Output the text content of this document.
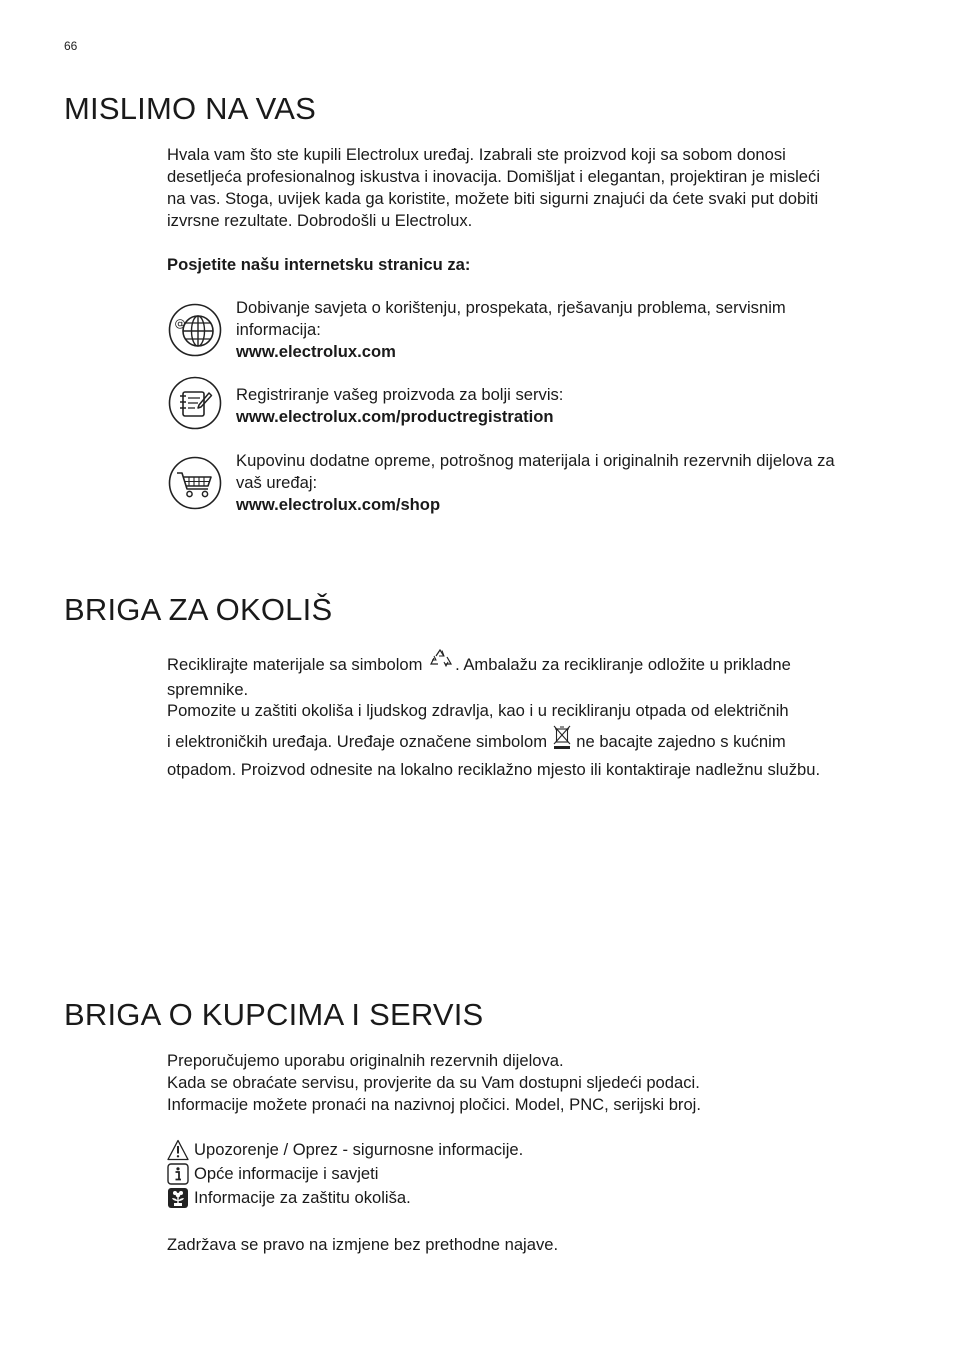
66
MISLIMO NA VAS

Hvala vam što ste kupili Electrolux uređaj. Izabrali ste proizvod koji sa sobom donosi

desetljeća profesionalnog iskustva i inovacija. Domišljat i elegantan, projektiran je misleći

na vas. Stoga, uvijek kada ga koristite, možete biti sigurni znajući da ćete svaki put dobiti

izvrsne rezultate. Dobrodošli u Electrolux.

Posjetite našu internetsku stranicu za:
@

Dobivanje savjeta o korištenju, prospekata, rješavanju problema, servisnim

informacija:

www.electrolux.com

Registriranje vašeg proizvoda za bolji servis:

www.electrolux.com/productregistration

Kupovinu dodatne opreme, potrošnog materijala i originalnih rezervnih dijelova za

vaš uređaj:

www.electrolux.com/shop

BRIGA ZA OKOLIŠ

Reciklirajte materijale sa simbolom . Ambalažu za recikliranje odložite u prikladne

spremnike.

Pomozite u zaštiti okoliša i ljudskog zdravlja, kao i u recikliranju otpada od električnih

i elektroničkih uređaja. Uređaje označene simbolom ne bacajte zajedno s kućnim

otpadom. Proizvod odnesite na lokalno reciklažno mjesto ili kontaktiraje nadležnu službu.

BRIGA O KUPCIMA I SERVIS

Preporučujemo uporabu originalnih rezervnih dijelova.

Kada se obraćate servisu, provjerite da su Vam dostupni sljedeći podaci.

Informacije možete pronaći na nazivnoj pločici. Model, PNC, serijski broj.

Upozorenje / Oprez - sigurnosne informacije.
Opće informacije i savjeti
Informacije za zaštitu okoliša.
Zadržava se pravo na izmjene bez prethodne najave.
